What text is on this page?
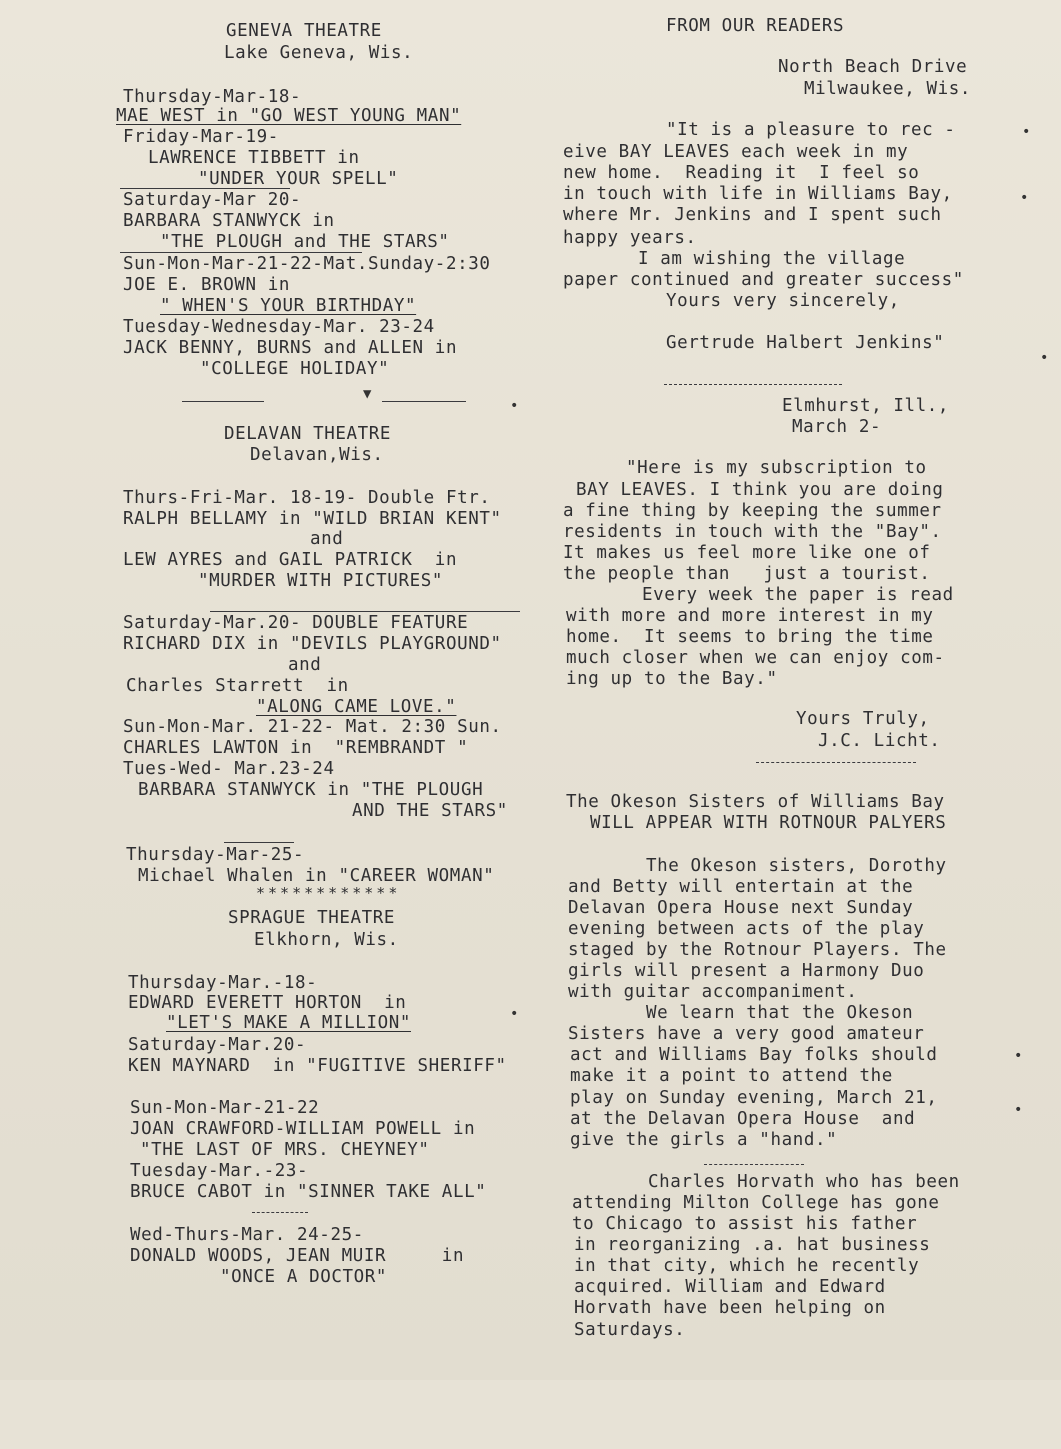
GENEVA THEATRE

Lake Geneva, Wis.

Thursday-Mar-18-

MAE WEST in "GO WEST YOUNG MAN"

Friday-Mar-19-

LAWRENCE TIBBETT in

"UNDER YOUR SPELL"

Saturday-Mar 20-

BARBARA STANWYCK in

"THE PLOUGH and THE STARS"

Sun-Mon-Mar-21-22-Mat.Sunday-2:30

JOE E. BROWN in

" WHEN'S YOUR BIRTHDAY"

Tuesday-Wednesday-Mar. 23-24

JACK BENNY, BURNS and ALLEN in

"COLLEGE HOLIDAY"

▼

DELAVAN THEATRE

Delavan,Wis.

Thurs-Fri-Mar. 18-19- Double Ftr.

RALPH BELLAMY in "WILD BRIAN KENT"

and

LEW AYRES and GAIL PATRICK  in

"MURDER WITH PICTURES"

Saturday-Mar.20- DOUBLE FEATURE

RICHARD DIX in "DEVILS PLAYGROUND"

and

Charles Starrett  in

"ALONG CAME LOVE."

Sun-Mon-Mar. 21-22- Mat. 2:30 Sun.

CHARLES LAWTON in  "REMBRANDT "

Tues-Wed- Mar.23-24

BARBARA STANWYCK in "THE PLOUGH

AND THE STARS"

Thursday-Mar-25-

Michael Whalen in "CAREER WOMAN"

************

SPRAGUE THEATRE

Elkhorn, Wis.

Thursday-Mar.-18-

EDWARD EVERETT HORTON  in

"LET'S MAKE A MILLION"

Saturday-Mar.20-

KEN MAYNARD  in "FUGITIVE SHERIFF"

Sun-Mon-Mar-21-22

JOAN CRAWFORD-WILLIAM POWELL in

"THE LAST OF MRS. CHEYNEY"

Tuesday-Mar.-23-

BRUCE CABOT in "SINNER TAKE ALL"

Wed-Thurs-Mar. 24-25-

DONALD WOODS, JEAN MUIR     in

"ONCE A DOCTOR"

FROM OUR READERS

North Beach Drive

Milwaukee, Wis.

"It is a pleasure to rec -

eive BAY LEAVES each week in my

new home.  Reading it  I feel so

in touch with life in Williams Bay,

where Mr. Jenkins and I spent such

happy years.

I am wishing the village

paper continued and greater success"

Yours very sincerely,

Gertrude Halbert Jenkins"

Elmhurst, Ill.,

March 2-

"Here is my subscription to

BAY LEAVES. I think you are doing

a fine thing by keeping the summer

residents in touch with the "Bay".

It makes us feel more like one of

the people than   just a tourist.

Every week the paper is read

with more and more interest in my

home.  It seems to bring the time

much closer when we can enjoy com-

ing up to the Bay."

Yours Truly,

J.C. Licht.

The Okeson Sisters of Williams Bay

WILL APPEAR WITH ROTNOUR PALYERS

The Okeson sisters, Dorothy

and Betty will entertain at the

Delavan Opera House next Sunday

evening between acts of the play

staged by the Rotnour Players. The

girls will present a Harmony Duo

with guitar accompaniment.

We learn that the Okeson

Sisters have a very good amateur

act and Williams Bay folks should

make it a point to attend the

play on Sunday evening, March 21,

at the Delavan Opera House  and

give the girls a "hand."

Charles Horvath who has been

attending Milton College has gone

to Chicago to assist his father

in reorganizing .a. hat business

in that city, which he recently

acquired. William and Edward

Horvath have been helping on

Saturdays.

•
•
•
•
•
•
•
